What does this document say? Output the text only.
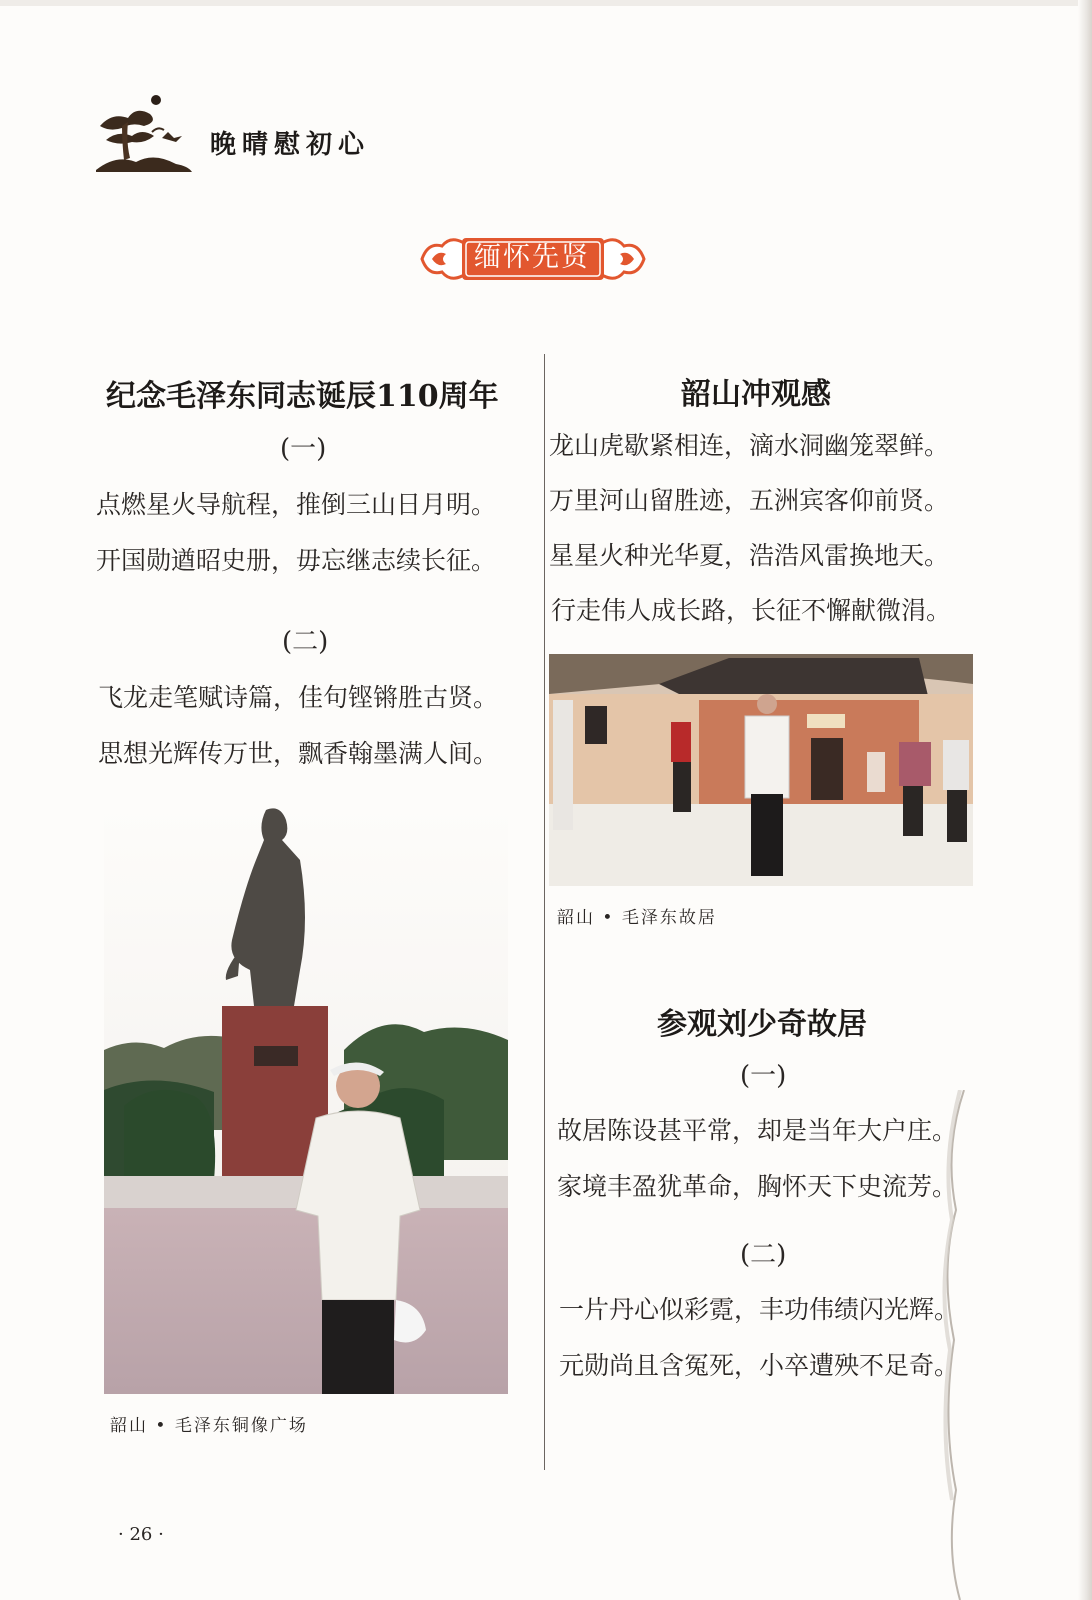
晚晴慰初心
缅怀先贤
纪念毛泽东同志诞辰110周年
(一)
点燃星火导航程，推倒三山日月明。
开国勋遒昭史册，毋忘继志续长征。
(二)
飞龙走笔赋诗篇，佳句铿锵胜古贤。
思想光辉传万世，飘香翰墨满人间。
韶山 • 毛泽东铜像广场
韶山冲观感
龙山虎歇紧相连，滴水洞幽笼翠鲜。
万里河山留胜迹，五洲宾客仰前贤。
星星火种光华夏，浩浩风雷换地天。
行走伟人成长路，长征不懈献微涓。
韶山 • 毛泽东故居
参观刘少奇故居
(一)
故居陈设甚平常，却是当年大户庄。
家境丰盈犹革命，胸怀天下史流芳。
(二)
一片丹心似彩霓，丰功伟绩闪光辉。
元勋尚且含冤死，小卒遭殃不足奇。
· 26 ·
